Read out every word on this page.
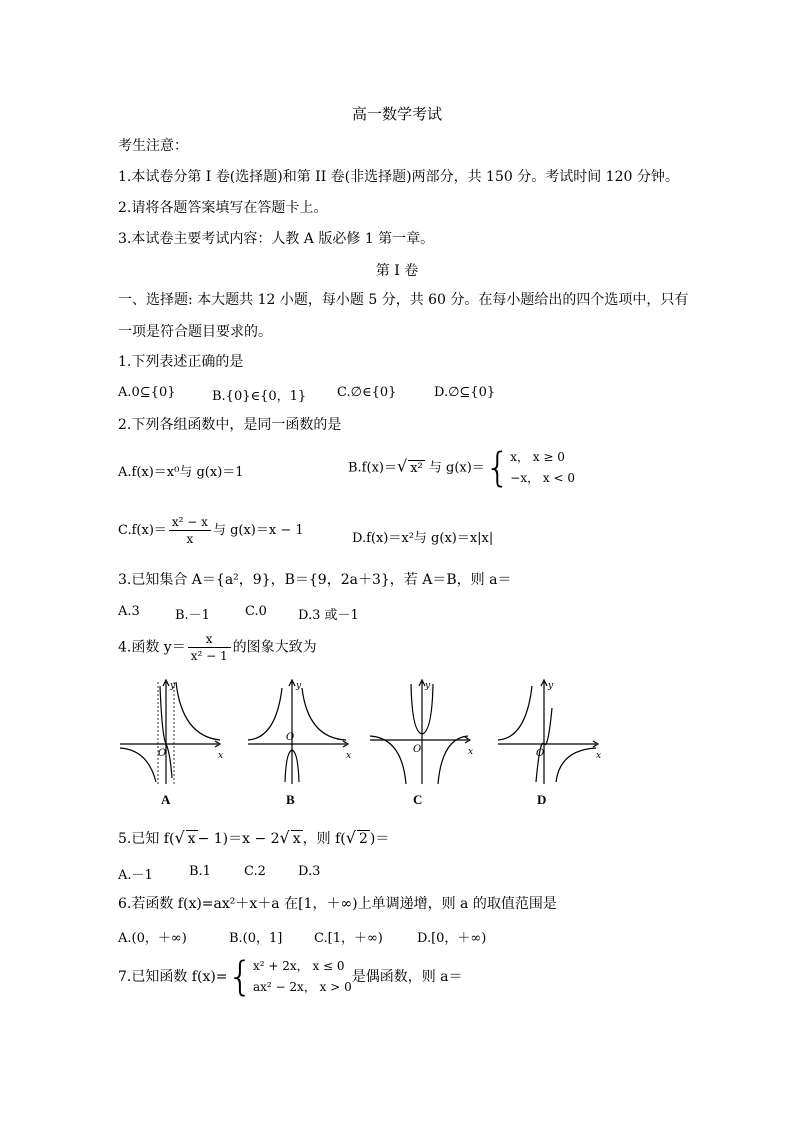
高一数学考试
考生注意：
1.本试卷分第 I 卷(选择题)和第 II 卷(非选择题)两部分，共 150 分。考试时间 120 分钟。
2.请将各题答案填写在答题卡上。
3.本试卷主要考试内容：人教 A 版必修 1 第一章。
第 I 卷
一、选择题: 本大题共 12 小题，每小题 5 分，共 60 分。在每小题给出的四个选项中，只有
一项是符合题目要求的。
1.下列表述正确的是
A.0⊆{0}	B.{0}∈{0，1} C.∅∈{0}	D.∅⊆{0}
2.下列各组函数中，是同一函数的是
A.f(x)＝x⁰与 g(x)＝1	B.f(x)＝√ x² 与 g(x)＝{ x， x ≥ 0
−x， x < 0
$C.f(x)= \frac{\text{x² − x}}{x}$ 与 g(x)＝x − 1
D.f(x)＝x²与 g(x)＝x|x|
3.已知集合 A＝{a²，9}，B＝{9，2a＋3}，若 A＝B，则 a＝
A.3	B.－1	C.0 D.3 或－1
4.函数 $y= \frac{x}{\text{x² − 1}}$ 的图象大致为
O	x
y
A
O
x
y
B
O	x
y
C
O	x
y
D
5.已知 f(√ x − 1)＝x − 2√ x ，则 f(√ 2 )＝
A.－1	B.1	C.2 D.3
6.若函数 f(x)=ax²＋x＋a 在[1，＋∞)上单调递增，则 a 的取值范围是
A.(0，＋∞)	B.(0，1] C.[1，＋∞)	D.[0，＋∞)
7.已知函数 f(x)={ x² + 2x， x ≤ 0
ax² − 2x， x > 0
是偶函数，则 a＝
